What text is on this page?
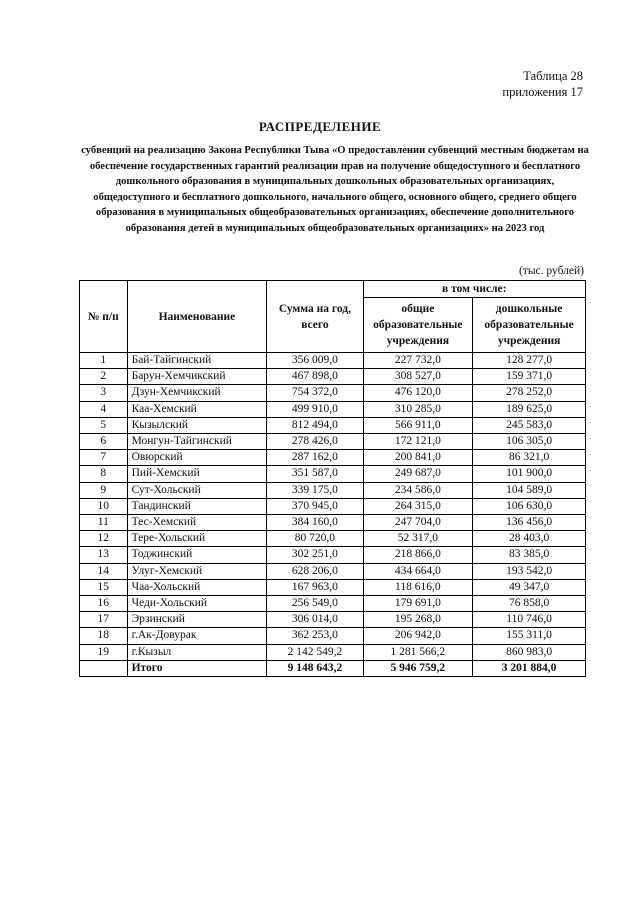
Таблица 28
приложения 17
РАСПРЕДЕЛЕНИЕ
субвенций на реализацию Закона Республики Тыва «О предоставлении субвенций местным бюджетам на обеспечение государственных гарантий реализации прав на получение общедоступного и бесплатного дошкольного образования в муниципальных дошкольных образовательных организациях, общедоступного и бесплатного дошкольного, начального общего, основного общего, среднего общего образования в муниципальных общеобразовательных организациях, обеспечение дополнительного образования детей в муниципальных общеобразовательных организациях» на 2023 год
(тыс. рублей)
№ п/п	Наименование	Сумма на год, всего	в том числе:	
			общие образовательные учреждения	дошкольные образовательные учреждения
1	Бай-Тайгинский	356 009,0	227 732,0	128 277,0
2	Барун-Хемчикский	467 898,0	308 527,0	159 371,0
3	Дзун-Хемчикский	754 372,0	476 120,0	278 252,0
4	Каа-Хемский	499 910,0	310 285,0	189 625,0
5	Кызылский	812 494,0	566 911,0	245 583,0
6	Монгун-Тайгинский	278 426,0	172 121,0	106 305,0
7	Овюрский	287 162,0	200 841,0	86 321,0
8	Пий-Хемский	351 587,0	249 687,0	101 900,0
9	Сут-Хольский	339 175,0	234 586,0	104 589,0
10	Тандинский	370 945,0	264 315,0	106 630,0
11	Тес-Хемский	384 160,0	247 704,0	136 456,0
12	Тере-Хольский	80 720,0	52 317,0	28 403,0
13	Тоджинский	302 251,0	218 866,0	83 385,0
14	Улуг-Хемский	628 206,0	434 664,0	193 542,0
15	Чаа-Хольский	167 963,0	118 616,0	49 347,0
16	Чеди-Хольский	256 549,0	179 691,0	76 858,0
17	Эрзинский	306 014,0	195 268,0	110 746,0
18	г.Ак-Довурак	362 253,0	206 942,0	155 311,0
19	г.Кызыл	2 142 549,2	1 281 566,2	860 983,0
	Итого	9 148 643,2	5 946 759,2	3 201 884,0
